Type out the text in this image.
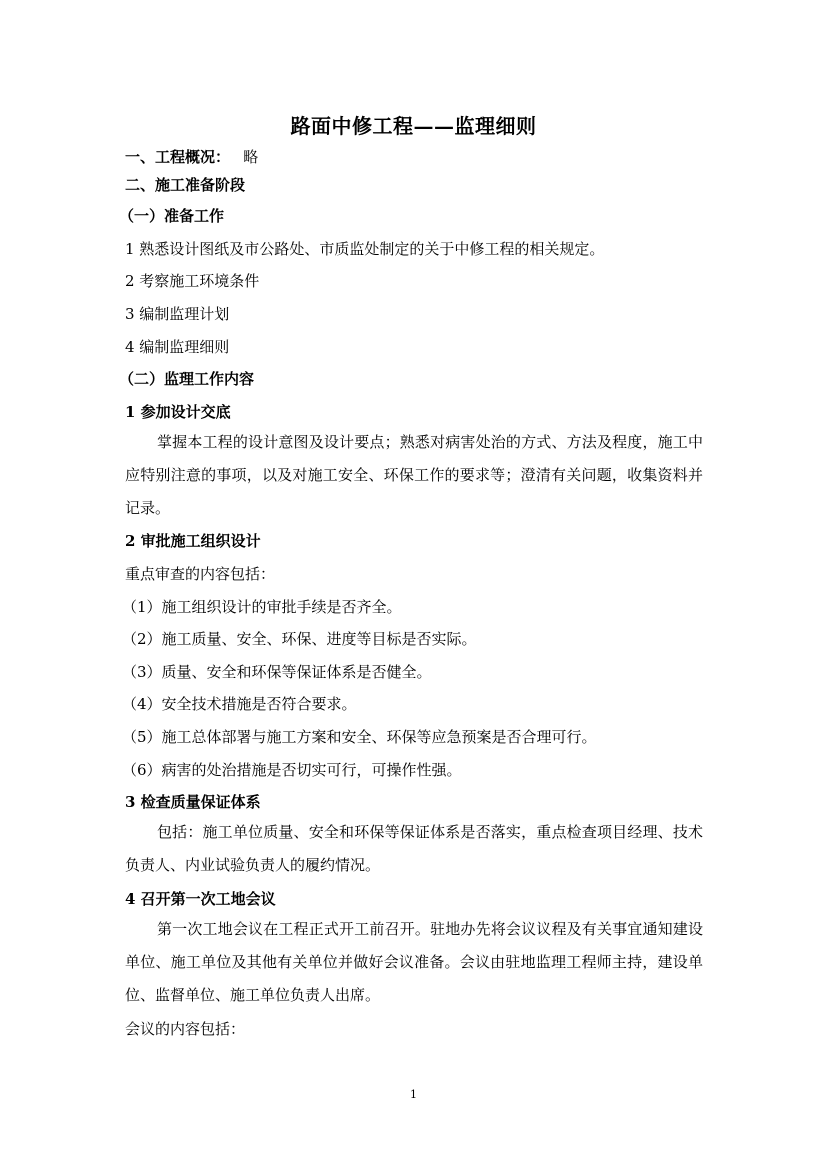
路面中修工程——监理细则
一、工程概况： 略
二、施工准备阶段
（一）准备工作
1 熟悉设计图纸及市公路处、市质监处制定的关于中修工程的相关规定。
2 考察施工环境条件
3 编制监理计划
4 编制监理细则
（二）监理工作内容
1 参加设计交底
掌握本工程的设计意图及设计要点；熟悉对病害处治的方式、方法及程度，施工中应特别注意的事项，以及对施工安全、环保工作的要求等；澄清有关问题，收集资料并记录。
2 审批施工组织设计
重点审查的内容包括：
（1）施工组织设计的审批手续是否齐全。
（2）施工质量、安全、环保、进度等目标是否实际。
（3）质量、安全和环保等保证体系是否健全。
（4）安全技术措施是否符合要求。
（5）施工总体部署与施工方案和安全、环保等应急预案是否合理可行。
（6）病害的处治措施是否切实可行，可操作性强。
3 检查质量保证体系
包括：施工单位质量、安全和环保等保证体系是否落实，重点检查项目经理、技术负责人、内业试验负责人的履约情况。
4 召开第一次工地会议
第一次工地会议在工程正式开工前召开。驻地办先将会议议程及有关事宜通知建设单位、施工单位及其他有关单位并做好会议准备。会议由驻地监理工程师主持，建设单位、监督单位、施工单位负责人出席。
会议的内容包括：
1
